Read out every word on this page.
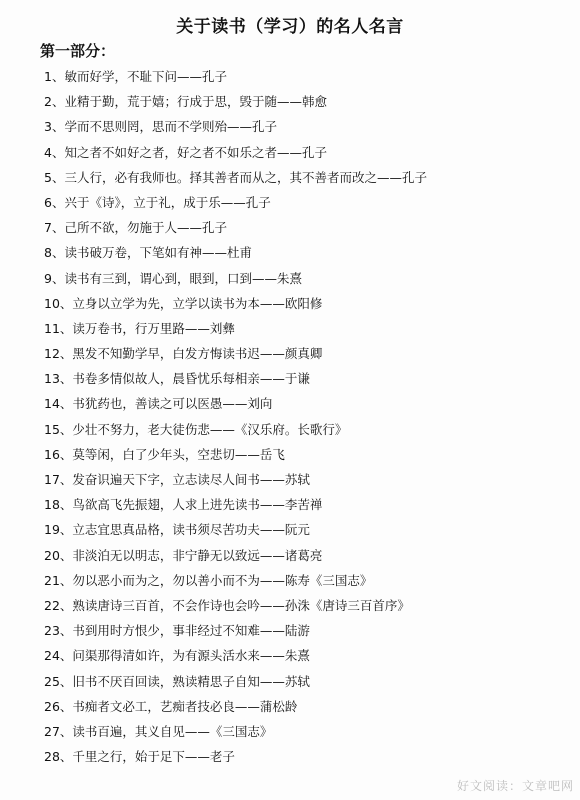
关于读书（学习）的名人名言
第一部分：
1、敏而好学，不耻下问——孔子
2、业精于勤，荒于嬉；行成于思，毁于随——韩愈
3、学而不思则罔，思而不学则殆——孔子
4、知之者不如好之者，好之者不如乐之者——孔子
5、三人行，必有我师也。择其善者而从之，其不善者而改之——孔子
6、兴于《诗》，立于礼，成于乐——孔子
7、己所不欲，勿施于人——孔子
8、读书破万卷，下笔如有神——杜甫
9、读书有三到，谓心到，眼到，口到——朱熹
10、立身以立学为先，立学以读书为本——欧阳修
11、读万卷书，行万里路——刘彝
12、黑发不知勤学早，白发方悔读书迟——颜真卿
13、书卷多情似故人，晨昏忧乐每相亲——于谦
14、书犹药也，善读之可以医愚——刘向
15、少壮不努力，老大徒伤悲——《汉乐府。长歌行》
16、莫等闲，白了少年头，空悲切——岳飞
17、发奋识遍天下字，立志读尽人间书——苏轼
18、鸟欲高飞先振翅，人求上进先读书——李苦禅
19、立志宜思真品格，读书须尽苦功夫——阮元
20、非淡泊无以明志，非宁静无以致远——诸葛亮
21、勿以恶小而为之，勿以善小而不为——陈寿《三国志》
22、熟读唐诗三百首，不会作诗也会吟——孙洙《唐诗三百首序》
23、书到用时方恨少，事非经过不知难——陆游
24、问渠那得清如许，为有源头活水来——朱熹
25、旧书不厌百回读，熟读精思子自知——苏轼
26、书痴者文必工，艺痴者技必良——蒲松龄
27、读书百遍，其义自见——《三国志》
28、千里之行，始于足下——老子
好文阅读：文章吧网
